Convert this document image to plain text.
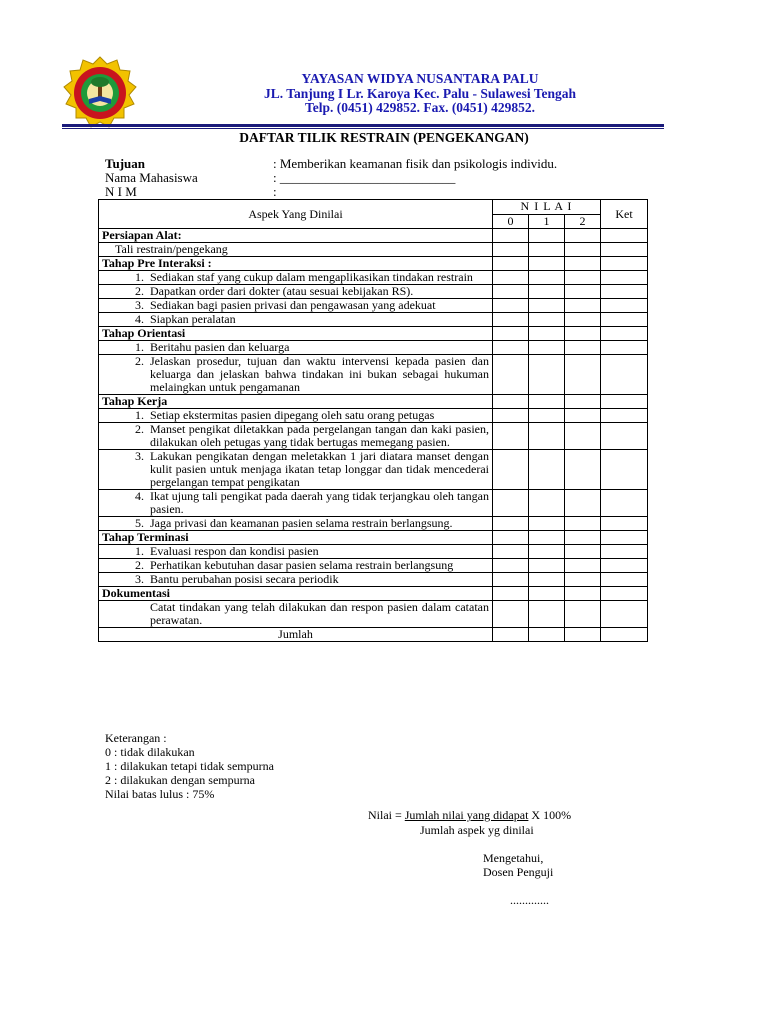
YAYASAN WIDYA NUSANTARA PALU
JL. Tanjung I Lr. Karoya Kec. Palu - Sulawesi Tengah
Telp. (0451) 429852. Fax. (0451) 429852.
DAFTAR TILIK RESTRAIN (PENGEKANGAN)
Tujuan	: Memberikan keamanan fisik dan psikologis individu.
Nama Mahasiswa	: ___________________________
N I M	:
Aspek Yang Dinilai	N I L A I			Ket
	0	1	2	
Persiapan Alat:				
Tali restrain/pengekang				
Tahap Pre Interaksi :				

1. Sediakan staf yang cukup dalam mengaplikasikan tindakan restrain				

2. Dapatkan order dari dokter (atau sesuai kebijakan RS).				

3. Sediakan bagi pasien privasi dan pengawasan yang adekuat				

4. Siapkan peralatan				

Tahap Orientasi				

1. Beritahu pasien dan keluarga				

2. Jelaskan prosedur, tujuan dan waktu intervensi kepada pasien dan keluarga dan jelaskan bahwa tindakan ini bukan sebagai hukuman melaingkan untuk pengamanan				

Tahap Kerja				

1. Setiap ekstermitas pasien dipegang oleh satu orang petugas				

2. Manset pengikat diletakkan pada pergelangan tangan dan kaki pasien, dilakukan oleh petugas yang tidak bertugas memegang pasien.				

3. Lakukan pengikatan dengan meletakkan 1 jari diatara manset dengan kulit pasien untuk menjaga ikatan tetap longgar dan tidak mencederai pergelangan tempat pengikatan				

4. Ikat ujung tali pengikat pada daerah yang tidak terjangkau oleh tangan pasien.				

5. Jaga privasi dan keamanan pasien selama restrain berlangsung.				

Tahap Terminasi				

1. Evaluasi respon dan kondisi pasien				

2. Perhatikan kebutuhan dasar pasien selama restrain berlangsung				

3. Bantu perubahan posisi secara periodik				

Dokumentasi				

Catat tindakan yang telah dilakukan dan respon pasien dalam catatan perawatan.				

Jumlah				
Keterangan :
0 : tidak dilakukan
1 : dilakukan tetapi tidak sempurna
2 : dilakukan dengan sempurna
Nilai batas lulus : 75%
Nilai = Jumlah nilai yang didapat X 100%
Jumlah aspek yg dinilai
Mengetahui,
Dosen Penguji
.............
